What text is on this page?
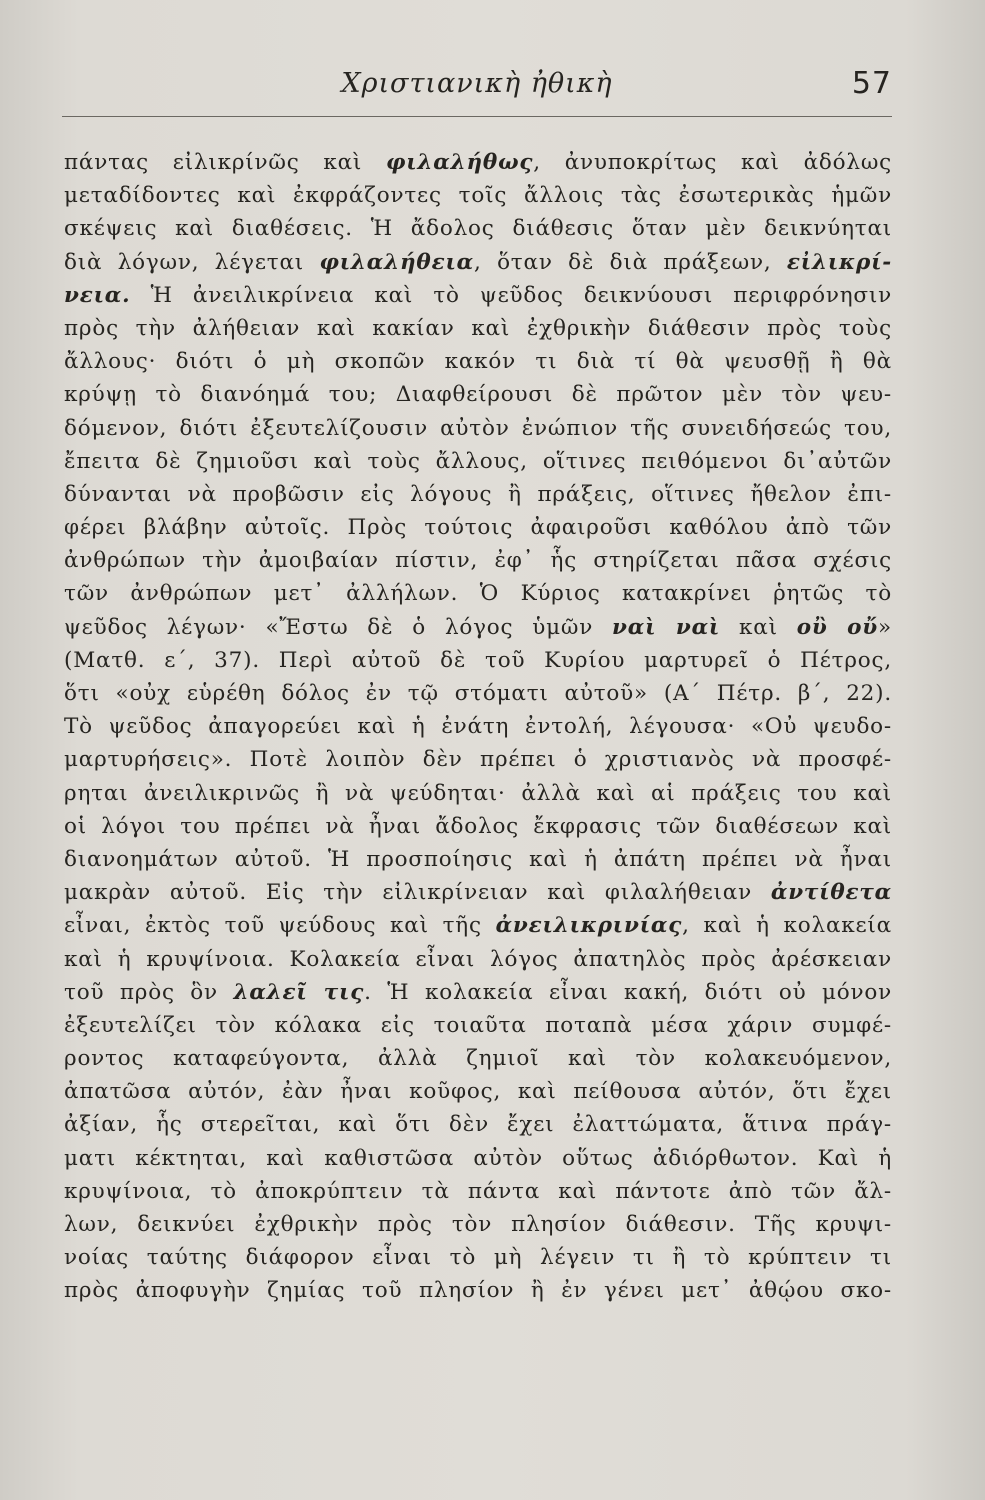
Χριστιανικὴ ἠθικὴ	57
πάντας εἰλικρίνῶς καὶ φιλαλήθως, ἀνυποκρίτως καὶ ἀδόλως
μεταδίδοντες καὶ ἐκφράζοντες τοῖς ἄλλοις τὰς ἐσωτερικὰς ἡμῶν
σκέψεις καὶ διαθέσεις. Ἡ ἄδολος διάθεσις ὅταν μὲν δεικνύηται
διὰ λόγων, λέγεται φιλαλήθεια, ὅταν δὲ διὰ πράξεων, εἰλικρί-
νεια. Ἡ ἀνειλικρίνεια καὶ τὸ ψεῦδος δεικνύουσι περιφρόνησιν
πρὸς τὴν ἀλήθειαν καὶ κακίαν καὶ ἐχθρικὴν διάθεσιν πρὸς τοὺς
ἄλλους· διότι ὁ μὴ σκοπῶν κακόν τι διὰ τί θὰ ψευσθῇ ἢ θὰ
κρύψῃ τὸ διανόημά του; Διαφθείρουσι δὲ πρῶτον μὲν τὸν ψευ-
δόμενον, διότι ἐξευτελίζουσιν αὐτὸν ἐνώπιον τῆς συνειδήσεώς του,
ἔπειτα δὲ ζημιοῦσι καὶ τοὺς ἄλλους, οἵτινες πειθόμενοι δι᾽αὐτῶν
δύνανται νὰ προβῶσιν εἰς λόγους ἢ πράξεις, οἵτινες ἤθελον ἐπι-
φέρει βλάβην αὐτοῖς. Πρὸς τούτοις ἀφαιροῦσι καθόλου ἀπὸ τῶν
ἀνθρώπων τὴν ἀμοιβαίαν πίστιν, ἐφ᾽ ἧς στηρίζεται πᾶσα σχέσις
τῶν ἀνθρώπων μετ᾽ ἀλλήλων. Ὁ Κύριος κατακρίνει ῥητῶς τὸ
ψεῦδος λέγων· «Ἔστω δὲ ὁ λόγος ὑμῶν ναὶ ναὶ καὶ οὒ οὔ»
(Ματθ. ε´, 37). Περὶ αὐτοῦ δὲ τοῦ Κυρίου μαρτυρεῖ ὁ Πέτρος,
ὅτι «οὐχ εὑρέθη δόλος ἐν τῷ στόματι αὐτοῦ» (Α´ Πέτρ. β´, 22).
Τὸ ψεῦδος ἀπαγορεύει καὶ ἡ ἐνάτη ἐντολή, λέγουσα· «Οὐ ψευδο-
μαρτυρήσεις». Ποτὲ λοιπὸν δὲν πρέπει ὁ χριστιανὸς νὰ προσφέ-
ρηται ἀνειλικρινῶς ἢ νὰ ψεύδηται· ἀλλὰ καὶ αἱ πράξεις του καὶ
οἱ λόγοι του πρέπει νὰ ἦναι ἄδολος ἔκφρασις τῶν διαθέσεων καὶ
διανοημάτων αὐτοῦ. Ἡ προσποίησις καὶ ἡ ἀπάτη πρέπει νὰ ἦναι
μακρὰν αὐτοῦ. Εἰς τὴν εἰλικρίνειαν καὶ φιλαλήθειαν ἀντίθετα
εἶναι, ἐκτὸς τοῦ ψεύδους καὶ τῆς ἀνειλικρινίας, καὶ ἡ κολακεία
καὶ ἡ κρυψίνοια. Κολακεία εἶναι λόγος ἀπατηλὸς πρὸς ἀρέσκειαν
τοῦ πρὸς ὃν λαλεῖ τις. Ἡ κολακεία εἶναι κακή, διότι οὐ μόνον
ἐξευτελίζει τὸν κόλακα εἰς τοιαῦτα ποταπὰ μέσα χάριν συμφέ-
ροντος καταφεύγοντα, ἀλλὰ ζημιοῖ καὶ τὸν κολακευόμενον,
ἀπατῶσα αὐτόν, ἐὰν ἦναι κοῦφος, καὶ πείθουσα αὐτόν, ὅτι ἔχει
ἀξίαν, ἧς στερεῖται, καὶ ὅτι δὲν ἔχει ἐλαττώματα, ἅτινα πράγ-
ματι κέκτηται, καὶ καθιστῶσα αὐτὸν οὕτως ἀδιόρθωτον. Καὶ ἡ
κρυψίνοια, τὸ ἀποκρύπτειν τὰ πάντα καὶ πάντοτε ἀπὸ τῶν ἄλ-
λων, δεικνύει ἐχθρικὴν πρὸς τὸν πλησίον διάθεσιν. Τῆς κρυψι-
νοίας ταύτης διάφορον εἶναι τὸ μὴ λέγειν τι ἢ τὸ κρύπτειν τι
πρὸς ἀποφυγὴν ζημίας τοῦ πλησίον ἢ ἐν γένει μετ᾽ ἀθῴου σκο-
